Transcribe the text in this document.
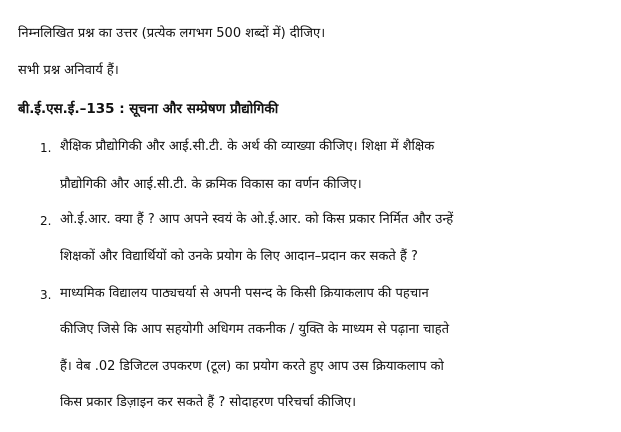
निम्नलिखित प्रश्न का उत्तर (प्रत्येक लगभग 500 शब्दों में) दीजिए।
सभी प्रश्न अनिवार्य हैं।
बी.ई.एस.ई.–135 : सूचना और सम्प्रेषण प्रौद्योगिकी
1. शैक्षिक प्रौद्योगिकी और आई.सी.टी. के अर्थ की व्याख्या कीजिए। शिक्षा में शैक्षिक
प्रौद्योगिकी और आई.सी.टी. के क्रमिक विकास का वर्णन कीजिए।
2. ओ.ई.आर. क्या हैं ? आप अपने स्वयं के ओ.ई.आर. को किस प्रकार निर्मित और उन्हें
शिक्षकों और विद्यार्थियों को उनके प्रयोग के लिए आदान–प्रदान कर सकते हैं ?
3. माध्यमिक विद्यालय पाठ्यचर्या से अपनी पसन्द के किसी क्रियाकलाप की पहचान
कीजिए जिसे कि आप सहयोगी अधिगम तकनीक / युक्ति के माध्यम से पढ़ाना चाहते
हैं। वेब .02 डिजिटल उपकरण (टूल) का प्रयोग करते हुए आप उस क्रियाकलाप को
किस प्रकार डिज़ाइन कर सकते हैं ? सोदाहरण परिचर्चा कीजिए।
